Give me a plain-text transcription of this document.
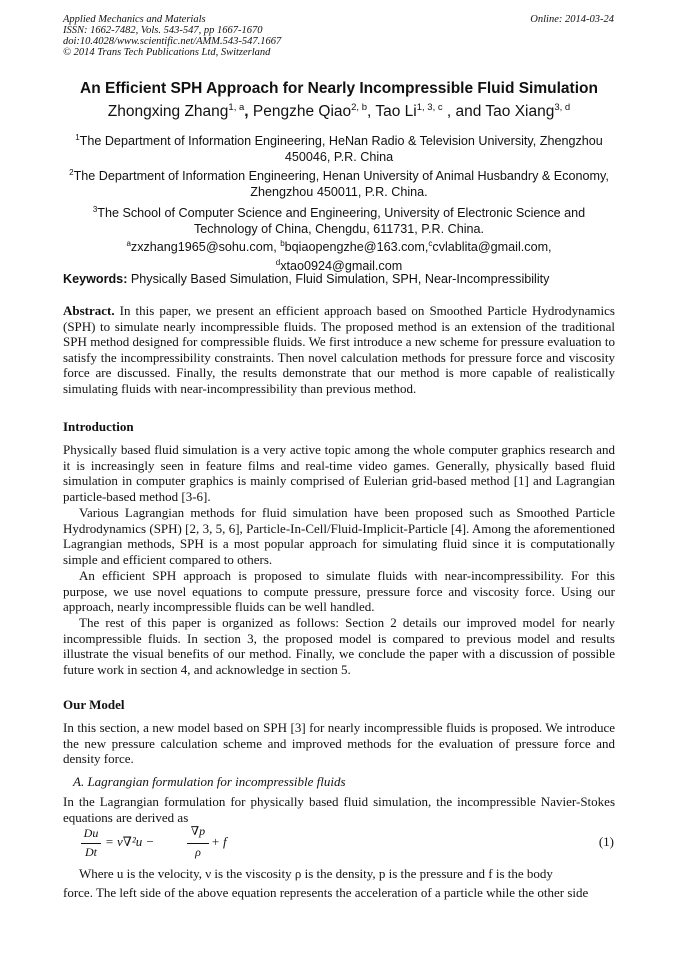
Applied Mechanics and Materials
ISSN: 1662-7482, Vols. 543-547, pp 1667-1670
doi:10.4028/www.scientific.net/AMM.543-547.1667
© 2014 Trans Tech Publications Ltd, Switzerland
Online: 2014-03-24
An Efficient SPH Approach for Nearly Incompressible Fluid Simulation
Zhongxing Zhang$^{1, a}$, Pengzhe Qiao$^{2, b}$, Tao Li$^{1, 3, c}$ , and Tao Xiang$^{3, d}$
$^1$The Department of Information Engineering, HeNan Radio & Television University, Zhengzhou 450046, P.R. China
$^2$The Department of Information Engineering, Henan University of Animal Husbandry & Economy, Zhengzhou 450011, P.R. China.
$^3$The School of Computer Science and Engineering, University of Electronic Science and Technology of China, Chengdu, 611731, P.R. China.
$^a$zxzhang1965@sohu.com, $^b$bqiaopengzhe@163.com,$^c$cvlablita@gmail.com,
$^d$xtao0924@gmail.com
Keywords: Physically Based Simulation, Fluid Simulation, SPH, Near-Incompressibility
Abstract. In this paper, we present an efficient approach based on Smoothed Particle Hydrodynamics (SPH) to simulate nearly incompressible fluids. The proposed method is an extension of the traditional SPH method designed for compressible fluids. We first introduce a new scheme for pressure evaluation to satisfy the incompressibility constraints. Then novel calculation methods for pressure force and viscosity force are discussed. Finally, the results demonstrate that our method is more capable of realistically simulating fluids with near-incompressibility than previous method.
Introduction
Physically based fluid simulation is a very active topic among the whole computer graphics research and it is increasingly seen in feature films and real-time video games. Generally, physically based fluid simulation in computer graphics is mainly comprised of Eulerian grid-based method [1] and Lagrangian particle-based method [3-6].
Various Lagrangian methods for fluid simulation have been proposed such as Smoothed Particle Hydrodynamics (SPH) [2, 3, 5, 6], Particle-In-Cell/Fluid-Implicit-Particle [4]. Among the aforementioned Lagrangian methods, SPH is a most popular approach for simulating fluid since it is computationally simple and efficient compared to others.
An efficient SPH approach is proposed to simulate fluids with near-incompressibility. For this purpose, we use novel equations to compute pressure, pressure force and viscosity force. Using our approach, nearly incompressible fluids can be well handled.
The rest of this paper is organized as follows: Section 2 details our improved model for nearly incompressible fluids. In section 3, the proposed model is compared to previous model and results illustrate the visual benefits of our method. Finally, we conclude the paper with a discussion of possible future work in section 4, and acknowledge in section 5.
Our Model
In this section, a new model based on SPH [3] for nearly incompressible fluids is proposed. We introduce the new pressure calculation scheme and improved methods for the evaluation of pressure force and density force.
A. Lagrangian formulation for incompressible fluids
In the Lagrangian formulation for physically based fluid simulation, the incompressible Navier-Stokes equations are derived as
Du
Dt
= ν∇²u −
∇p
ρ
+ f	(1)
Where u is the velocity, ν is the viscosity ρ is the density, p is the pressure and f is the body
force. The left side of the above equation represents the acceleration of a particle while the other side
